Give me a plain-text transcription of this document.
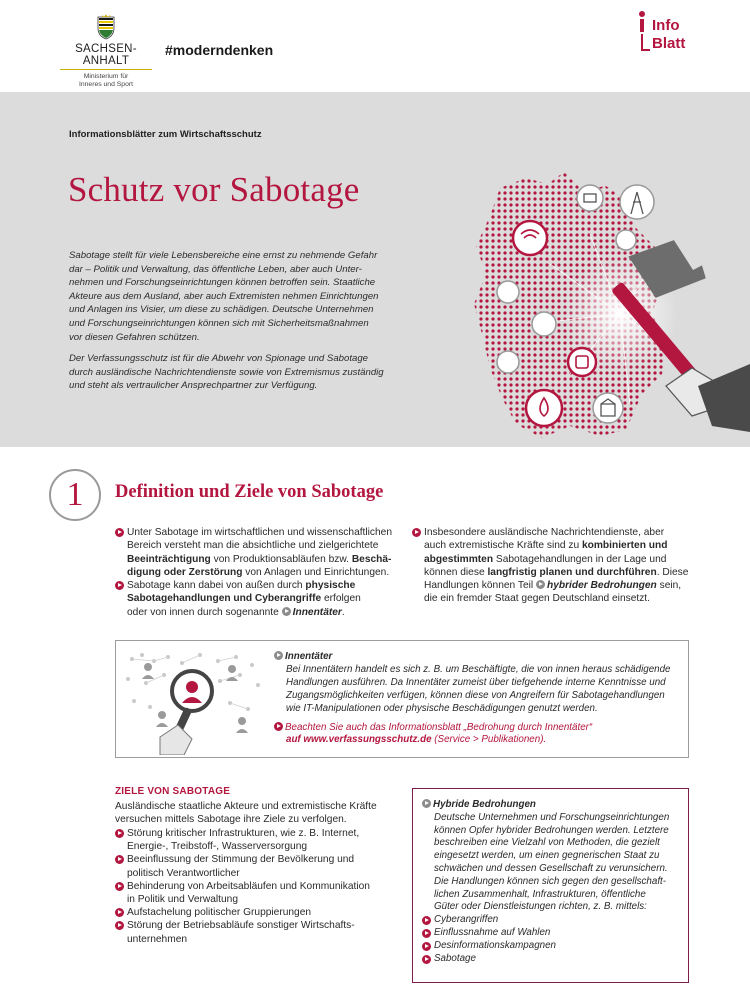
SACHSEN-ANHALT
Ministerium für
Inneres und Sport
#moderndenken
Info
Blatt
Informationsblätter zum Wirtschaftsschutz
Schutz vor Sabotage
Sabotage stellt für viele Lebensbereiche eine ernst zu nehmende Gefahr
dar – Politik und Verwaltung, das öffentliche Leben, aber auch Unter-
nehmen und Forschungseinrichtungen können betroffen sein. Staatliche
Akteure aus dem Ausland, aber auch Extremisten nehmen Einrichtungen
und Anlagen ins Visier, um diese zu schädigen. Deutsche Unternehmen
und Forschungseinrichtungen können sich mit Sicherheitsmaßnahmen
vor diesen Gefahren schützen.
Der Verfassungsschutz ist für die Abwehr von Spionage und Sabotage
durch ausländische Nachrichtendienste sowie von Extremismus zuständig
und steht als vertraulicher Ansprechpartner zur Verfügung.
1	Definition und Ziele von Sabotage
Unter Sabotage im wirtschaftlichen und wissenschaftlichen
Bereich versteht man die absichtliche und zielgerichtete
Beeinträchtigung von Produktionsabläufen bzw. Beschä-
digung oder Zerstörung von Anlagen und Einrichtungen.
Sabotage kann dabei von außen durch physische
Sabotagehandlungen und Cyberangriffe erfolgen
oder von innen durch sogenannte Innentäter.
Insbesondere ausländische Nachrichtendienste, aber
auch extremistische Kräfte sind zu kombinierten und
abgestimmten Sabotagehandlungen in der Lage und
können diese langfristig planen und durchführen. Diese
Handlungen können Teil hybrider Bedrohungen sein,
die ein fremder Staat gegen Deutschland einsetzt.
Innentäter
Bei Innentätern handelt es sich z. B. um Beschäftigte, die von innen heraus schädigende
Handlungen ausführen. Da Innentäter zumeist über tiefgehende interne Kenntnisse und
Zugangsmöglichkeiten verfügen, können diese von Angreifern für Sabotagehandlungen
wie IT-Manipulationen oder physische Beschädigungen genutzt werden.
Beachten Sie auch das Informationsblatt „Bedrohung durch Innentäter“
auf www.verfassungsschutz.de (Service > Publikationen).
ZIELE VON SABOTAGE
Ausländische staatliche Akteure und extremistische Kräfte
versuchen mittels Sabotage ihre Ziele zu verfolgen.
Störung kritischer Infrastrukturen, wie z. B. Internet,
Energie-, Treibstoff-, Wasserversorgung
Beeinflussung der Stimmung der Bevölkerung und
politisch Verantwortlicher
Behinderung von Arbeitsabläufen und Kommunikation
in Politik und Verwaltung
Aufstachelung politischer Gruppierungen
Störung der Betriebsabläufe sonstiger Wirtschafts-
unternehmen
Hybride Bedrohungen
Deutsche Unternehmen und Forschungseinrichtungen
können Opfer hybrider Bedrohungen werden. Letztere
beschreiben eine Vielzahl von Methoden, die gezielt
eingesetzt werden, um einen gegnerischen Staat zu
schwächen und dessen Gesellschaft zu verunsichern.
Die Handlungen können sich gegen den gesellschaft-
lichen Zusammenhalt, Infrastrukturen, öffentliche
Güter oder Dienstleistungen richten, z. B. mittels:
Cyberangriffen
Einflussnahme auf Wahlen
Desinformationskampagnen
Sabotage
